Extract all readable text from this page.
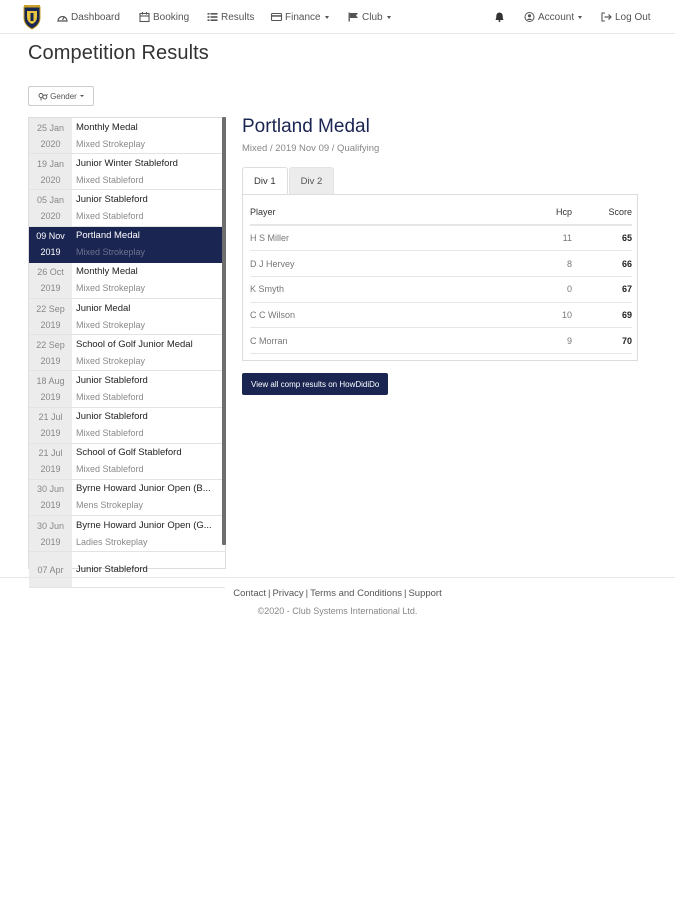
Dashboard	Booking	Results	Finance	Club	Account	Log Out
Competition Results
Gender
25 Jan
2020
Monthly Medal
Mixed Strokeplay
19 Jan
2020
Junior Winter Stableford
Mixed Stableford
05 Jan
2020
Junior Stableford
Mixed Stableford
09 Nov
2019
Portland Medal
Mixed Strokeplay
26 Oct
2019
Monthly Medal
Mixed Strokeplay
22 Sep
2019
Junior Medal
Mixed Strokeplay
22 Sep
2019
School of Golf Junior Medal
Mixed Strokeplay
18 Aug
2019
Junior Stableford
Mixed Stableford
21 Jul
2019
Junior Stableford
Mixed Stableford
21 Jul
2019
School of Golf Stableford
Mixed Stableford
30 Jun
2019
Byrne Howard Junior Open (B...
Mens Strokeplay
30 Jun
2019
Byrne Howard Junior Open (G...
Ladies Strokeplay
07 Apr	Junior Stableford
Portland Medal
Mixed / 2019 Nov 09 / Qualifying
Div 1	Div 2
Player	Hcp	Score
H S Miller	11	65
D J Hervey	8	66
K Smyth	0	67
C C Wilson	10	69
C Morran	9	70
View all comp results on HowDidiDo
Contact | Privacy | Terms and Conditions | Support
©2020 - Club Systems International Ltd.
